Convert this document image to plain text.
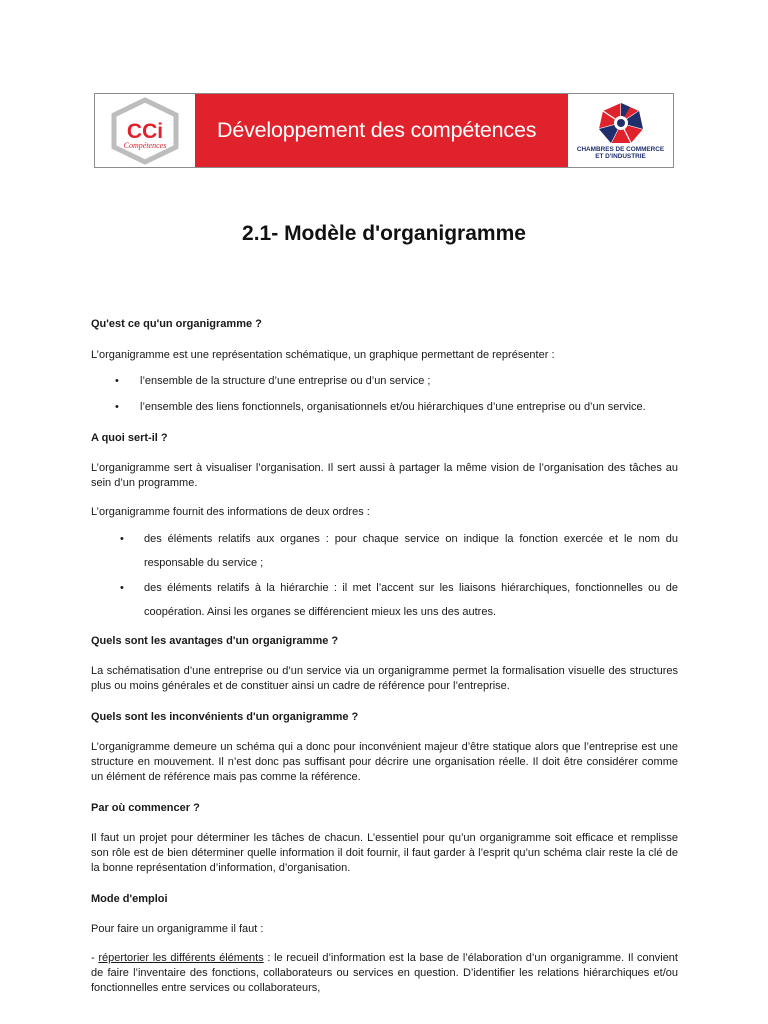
CCi
Compétences
Développement des compétences
CHAMBRES DE COMMERCE
ET D'INDUSTRIE
2.1- Modèle d'organigramme

Qu'est ce qu'un organigramme ?

L’organigramme est une représentation schématique, un graphique permettant de représenter :

• l’ensemble de la structure d’une entreprise ou d’un service ;
• l’ensemble des liens fonctionnels, organisationnels et/ou hiérarchiques d’une entreprise ou d’un service.

A quoi sert-il ?

L’organigramme sert à visualiser l’organisation. Il sert aussi à partager la même vision de l’organisation des tâches au sein d’un programme.

L’organigramme fournit des informations de deux ordres :

• des éléments relatifs aux organes : pour chaque service on indique la fonction exercée et le nom du
responsable du service ;
• des éléments relatifs à la hiérarchie : il met l’accent sur les liaisons hiérarchiques, fonctionnelles ou de
coopération. Ainsi les organes se différencient mieux les uns des autres.

Quels sont les avantages d'un organigramme ?

La schématisation d’une entreprise ou d’un service via un organigramme permet la formalisation visuelle des structures plus ou moins générales et de constituer ainsi un cadre de référence pour l’entreprise.

Quels sont les inconvénients d'un organigramme ?

L’organigramme demeure un schéma qui a donc pour inconvénient majeur d’être statique alors que l’entreprise est une structure en mouvement. Il n’est donc pas suffisant pour décrire une organisation réelle. Il doit être considérer comme un élément de référence mais pas comme la référence.

Par où commencer ?

Il faut un projet pour déterminer les tâches de chacun. L’essentiel pour qu’un organigramme soit efficace et remplisse son rôle est de bien déterminer quelle information il doit fournir, il faut garder à l’esprit qu’un schéma clair reste la clé de la bonne représentation d’information, d’organisation.

Mode d'emploi

Pour faire un organigramme il faut :

- répertorier les différents éléments : le recueil d’information est la base de l’élaboration d’un organigramme. Il convient de faire l’inventaire des fonctions, collaborateurs ou services en question. D’identifier les relations hiérarchiques et/ou fonctionnelles entre services ou collaborateurs,
